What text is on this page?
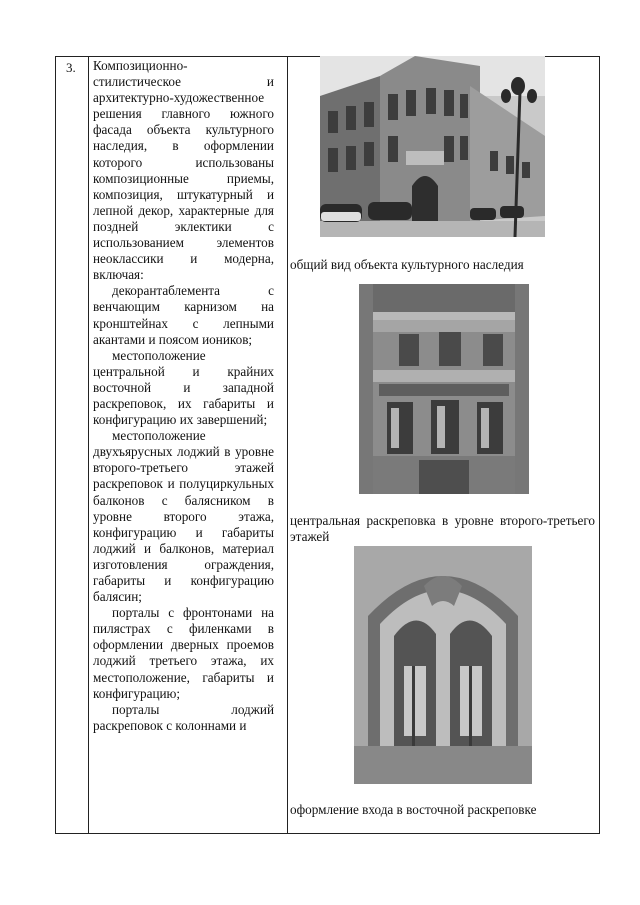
3. Композиционно-стилистическое и архитектурно-художественное решения главного южного фасада объекта культурного наследия, в оформлении которого использованы композиционные приемы, композиция, штукатурный и лепной декор, характерные для поздней эклектики с использованием элементов неоклассики и модерна, включая:

декорантаблемента с венчающим карнизом на кронштейнах с лепными акантами и поясом иоников;

местоположение центральной и крайних восточной и западной раскреповок, их габариты и конфигурацию их завершений;

местоположение двухъярусных лоджий в уровне второго-третьего этажей раскреповок и полуциркульных балконов с балясником в уровне второго этажа, конфигурацию и габариты лоджий и балконов, материал изготовления ограждения, габариты и конфигурацию балясин;

порталы с фронтонами на пилястрах с филенками в оформлении дверных проемов лоджий третьего этажа, их местоположение, габариты и конфигурацию;

порталы лоджий раскреповок с колоннами и

общий вид объекта культурного наследия
центральная раскреповка в уровне второго-третьего этажей
оформление входа в восточной раскреповке
